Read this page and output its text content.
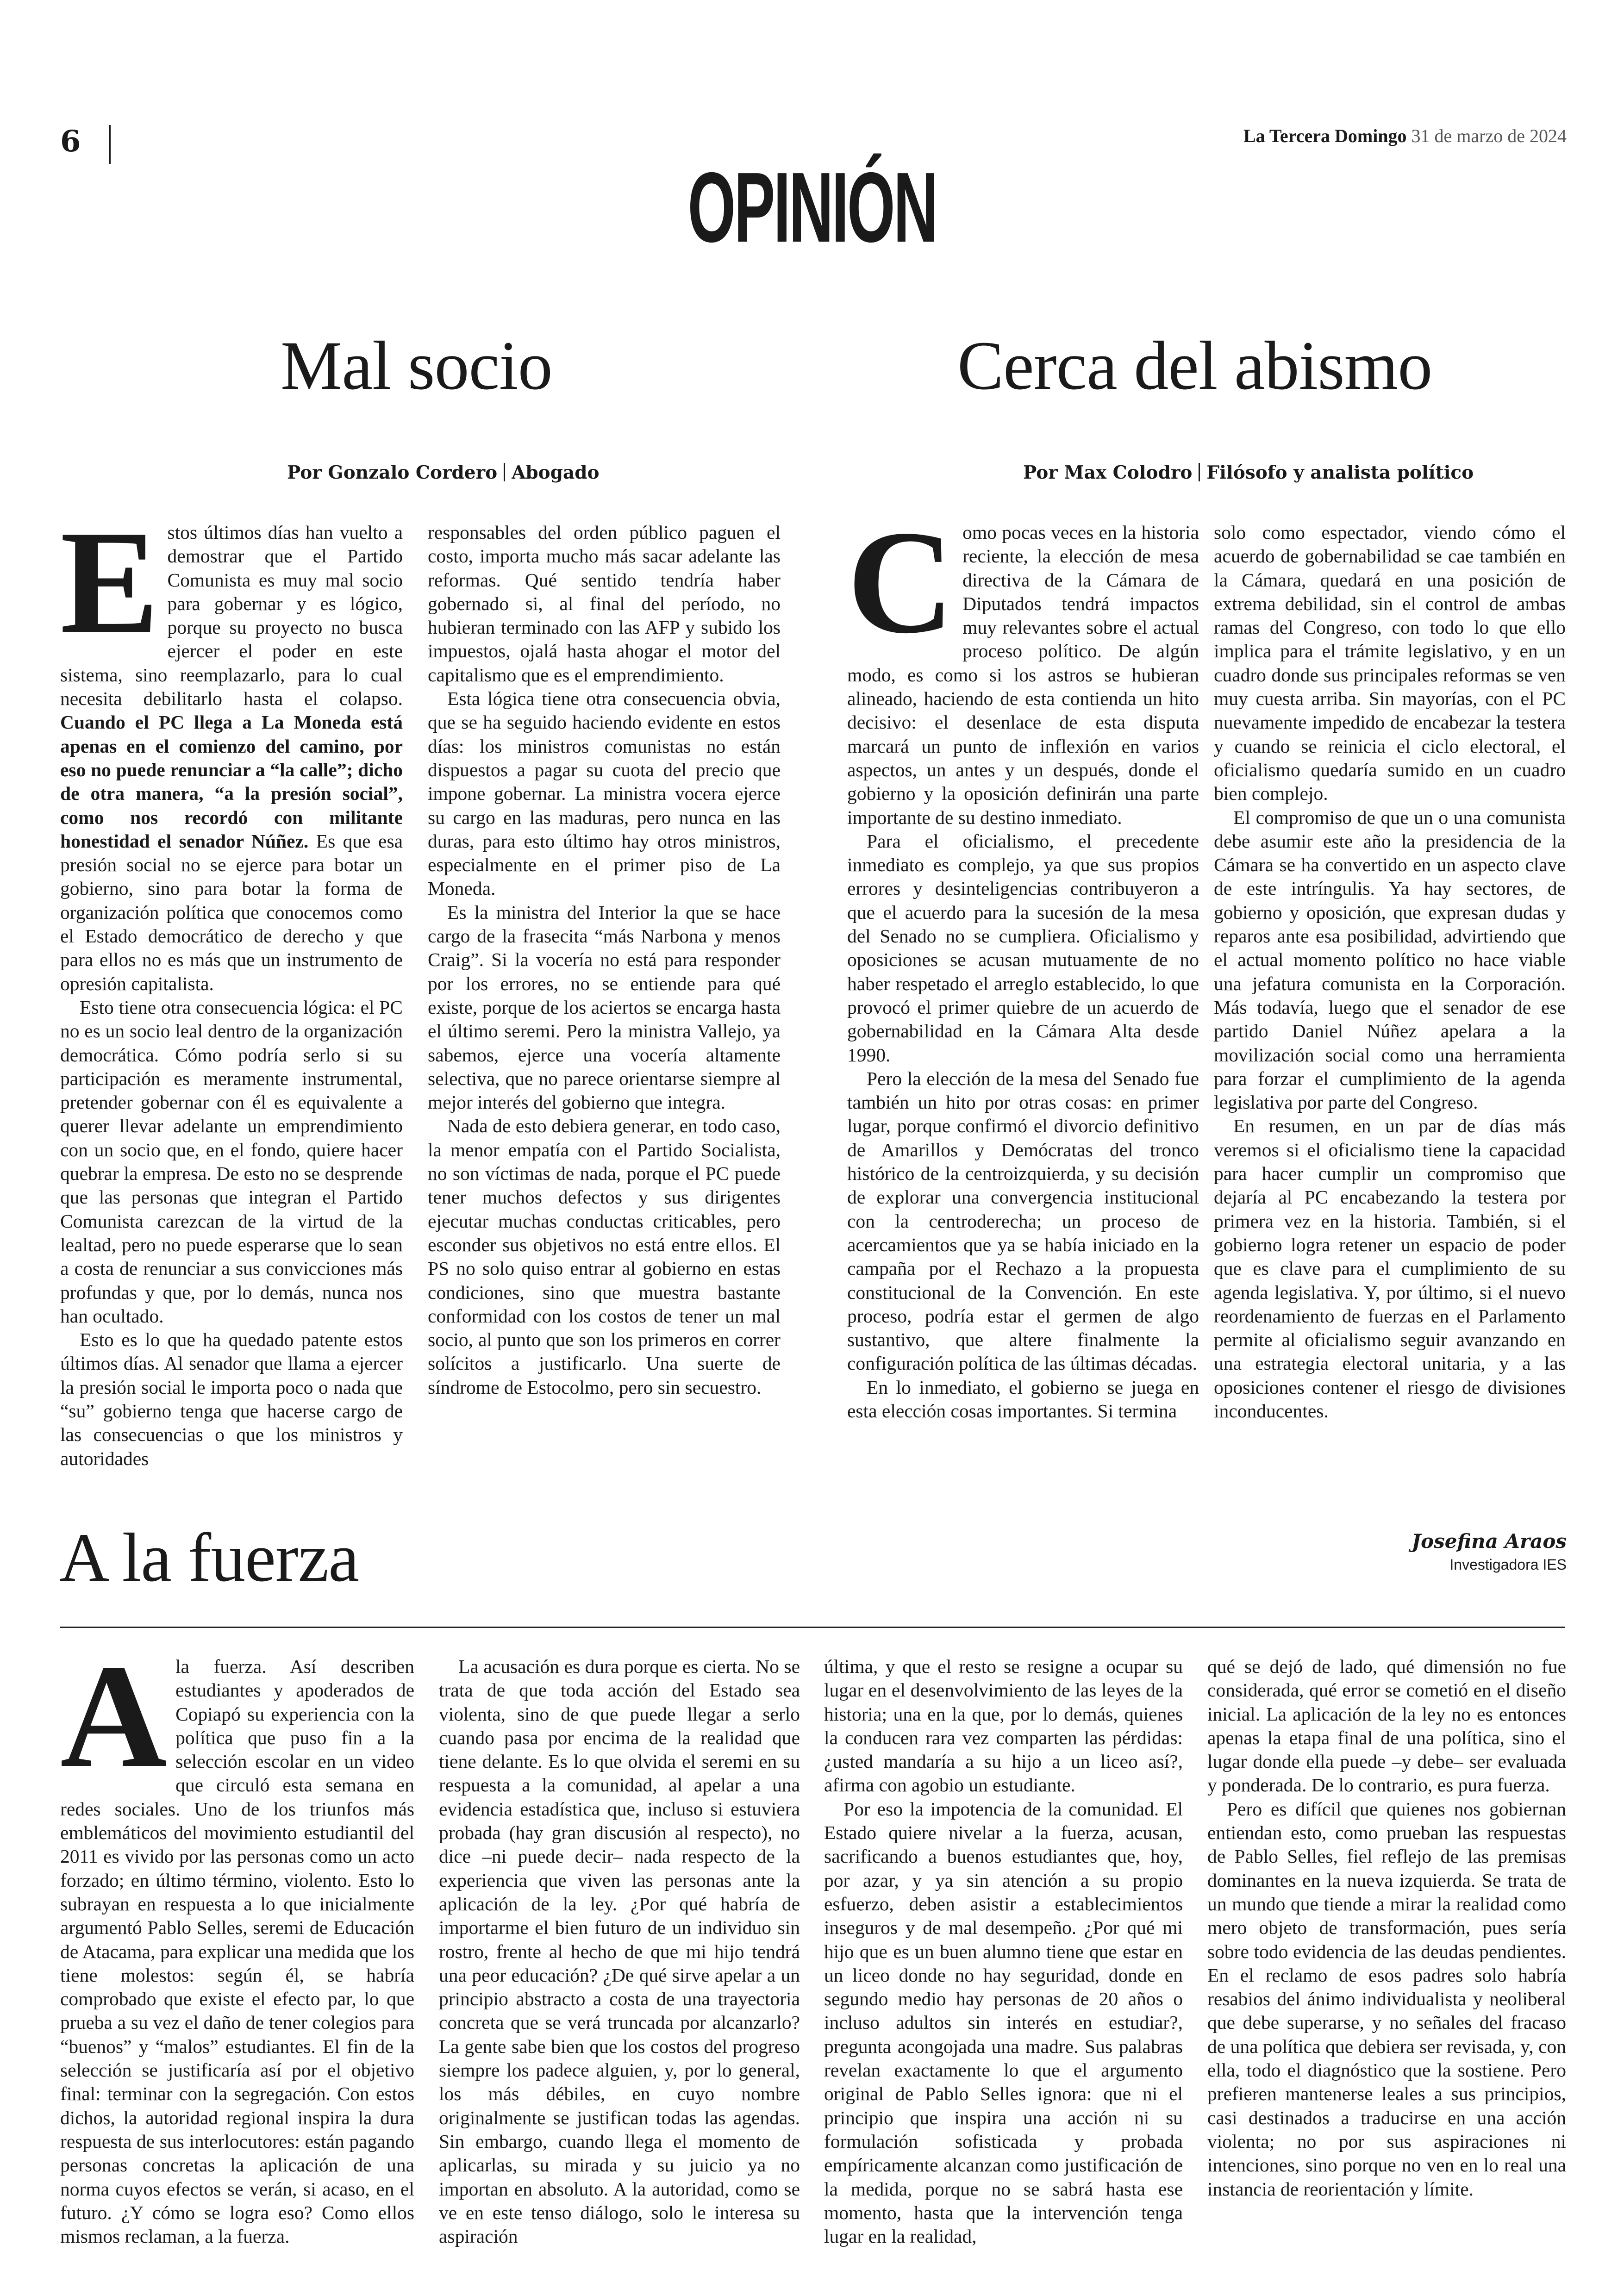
6	La Tercera Domingo 31 de marzo de 2024
OPINIÓN
Mal socio
Por Gonzalo Cordero Abogado

Estos últimos días han vuelto a demostrar que el Partido Comunista es muy mal socio para gobernar y es lógico, porque su proyecto no busca ejercer el poder en este sistema, sino reemplazarlo, para lo cual necesita debilitarlo hasta el colapso. Cuando el PC llega a La Moneda está apenas en el comienzo del camino, por eso no puede renunciar a “la calle”; dicho de otra manera, “a la presión social”, como nos recordó con militante honestidad el senador Núñez. Es que esa presión social no se ejerce para botar un gobierno, sino para botar la forma de organización política que conocemos como el Estado democrático de derecho y que para ellos no es más que un instrumento de opresión capitalista.

Esto tiene otra consecuencia lógica: el PC no es un socio leal dentro de la organización democrática. Cómo podría serlo si su participación es meramente instrumental, pretender gobernar con él es equivalente a querer llevar adelante un emprendimiento con un socio que, en el fondo, quiere hacer quebrar la empresa. De esto no se desprende que las personas que integran el Partido Comunista carezcan de la virtud de la lealtad, pero no puede esperarse que lo sean a costa de renunciar a sus convicciones más profundas y que, por lo demás, nunca nos han ocultado.

Esto es lo que ha quedado patente estos últimos días. Al senador que llama a ejercer la presión social le importa poco o nada que “su” gobierno tenga que hacerse cargo de las consecuencias o que los ministros y autoridades

responsables del orden público paguen el costo, importa mucho más sacar adelante las reformas. Qué sentido tendría haber gobernado si, al final del período, no hubieran terminado con las AFP y subido los impuestos, ojalá hasta ahogar el motor del capitalismo que es el emprendimiento.

Esta lógica tiene otra consecuencia obvia, que se ha seguido haciendo evidente en estos días: los ministros comunistas no están dispuestos a pagar su cuota del precio que impone gobernar. La ministra vocera ejerce su cargo en las maduras, pero nunca en las duras, para esto último hay otros ministros, especialmente en el primer piso de La Moneda.

Es la ministra del Interior la que se hace cargo de la frasecita “más Narbona y menos Craig”. Si la vocería no está para responder por los errores, no se entiende para qué existe, porque de los aciertos se encarga hasta el último seremi. Pero la ministra Vallejo, ya sabemos, ejerce una vocería altamente selectiva, que no parece orientarse siempre al mejor interés del gobierno que integra.

Nada de esto debiera generar, en todo caso, la menor empatía con el Partido Socialista, no son víctimas de nada, porque el PC puede tener muchos defectos y sus dirigentes ejecutar muchas conductas criticables, pero esconder sus objetivos no está entre ellos. El PS no solo quiso entrar al gobierno en estas condiciones, sino que muestra bastante conformidad con los costos de tener un mal socio, al punto que son los primeros en correr solícitos a justificarlo. Una suerte de síndrome de Estocolmo, pero sin secuestro.

Cerca del abismo
Por Max Colodro Filósofo y analista político

Como pocas veces en la historia reciente, la elección de mesa directiva de la Cámara de Diputados tendrá impactos muy relevantes sobre el actual proceso político. De algún modo, es como si los astros se hubieran alineado, haciendo de esta contienda un hito decisivo: el desenlace de esta disputa marcará un punto de inflexión en varios aspectos, un antes y un después, donde el gobierno y la oposición definirán una parte importante de su destino inmediato.

Para el oficialismo, el precedente inmediato es complejo, ya que sus propios errores y desinteligencias contribuyeron a que el acuerdo para la sucesión de la mesa del Senado no se cumpliera. Oficialismo y oposiciones se acusan mutuamente de no haber respetado el arreglo establecido, lo que provocó el primer quiebre de un acuerdo de gobernabilidad en la Cámara Alta desde 1990.

Pero la elección de la mesa del Senado fue también un hito por otras cosas: en primer lugar, porque confirmó el divorcio definitivo de Amarillos y Demócratas del tronco histórico de la centroizquierda, y su decisión de explorar una convergencia institucional con la centroderecha; un proceso de acercamientos que ya se había iniciado en la campaña por el Rechazo a la propuesta constitucional de la Convención. En este proceso, podría estar el germen de algo sustantivo, que altere finalmente la configuración política de las últimas décadas.

En lo inmediato, el gobierno se juega en esta elección cosas importantes. Si termina

solo como espectador, viendo cómo el acuerdo de gobernabilidad se cae también en la Cámara, quedará en una posición de extrema debilidad, sin el control de ambas ramas del Congreso, con todo lo que ello implica para el trámite legislativo, y en un cuadro donde sus principales reformas se ven muy cuesta arriba. Sin mayorías, con el PC nuevamente impedido de encabezar la testera y cuando se reinicia el ciclo electoral, el oficialismo quedaría sumido en un cuadro bien complejo.

El compromiso de que un o una comunista debe asumir este año la presidencia de la Cámara se ha convertido en un aspecto clave de este intríngulis. Ya hay sectores, de gobierno y oposición, que expresan dudas y reparos ante esa posibilidad, advirtiendo que el actual momento político no hace viable una jefatura comunista en la Corporación. Más todavía, luego que el senador de ese partido Daniel Núñez apelara a la movilización social como una herramienta para forzar el cumplimiento de la agenda legislativa por parte del Congreso.

En resumen, en un par de días más veremos si el oficialismo tiene la capacidad para hacer cumplir un compromiso que dejaría al PC encabezando la testera por primera vez en la historia. También, si el gobierno logra retener un espacio de poder que es clave para el cumplimiento de su agenda legislativa. Y, por último, si el nuevo reordenamiento de fuerzas en el Parlamento permite al oficialismo seguir avanzando en una estrategia electoral unitaria, y a las oposiciones contener el riesgo de divisiones inconducentes.

A la fuerza	Josefina Araos
Investigadora IES

Ala fuerza. Así describen estudiantes y apoderados de Copiapó su experiencia con la política que puso fin a la selección escolar en un video que circuló esta semana en redes sociales. Uno de los triunfos más emblemáticos del movimiento estudiantil del 2011 es vivido por las personas como un acto forzado; en último término, violento. Esto lo subrayan en respuesta a lo que inicialmente argumentó Pablo Selles, seremi de Educación de Atacama, para explicar una medida que los tiene molestos: según él, se habría comprobado que existe el efecto par, lo que prueba a su vez el daño de tener colegios para “buenos” y “malos” estudiantes. El fin de la selección se justificaría así por el objetivo final: terminar con la segregación. Con estos dichos, la autoridad regional inspira la dura respuesta de sus interlocutores: están pagando personas concretas la aplicación de una norma cuyos efectos se verán, si acaso, en el futuro. ¿Y cómo se logra eso? Como ellos mismos reclaman, a la fuerza.

La acusación es dura porque es cierta. No se trata de que toda acción del Estado sea violenta, sino de que puede llegar a serlo cuando pasa por encima de la realidad que tiene delante. Es lo que olvida el seremi en su respuesta a la comunidad, al apelar a una evidencia estadística que, incluso si estuviera probada (hay gran discusión al respecto), no dice –ni puede decir– nada respecto de la experiencia que viven las personas ante la aplicación de la ley. ¿Por qué habría de importarme el bien futuro de un individuo sin rostro, frente al hecho de que mi hijo tendrá una peor educación? ¿De qué sirve apelar a un principio abstracto a costa de una trayectoria concreta que se verá truncada por alcanzarlo? La gente sabe bien que los costos del progreso siempre los padece alguien, y, por lo general, los más débiles, en cuyo nombre originalmente se justifican todas las agendas. Sin embargo, cuando llega el momento de aplicarlas, su mirada y su juicio ya no importan en absoluto. A la autoridad, como se ve en este tenso diálogo, solo le interesa su aspiración

última, y que el resto se resigne a ocupar su lugar en el desenvolvimiento de las leyes de la historia; una en la que, por lo demás, quienes la conducen rara vez comparten las pérdidas: ¿usted mandaría a su hijo a un liceo así?, afirma con agobio un estudiante.

Por eso la impotencia de la comunidad. El Estado quiere nivelar a la fuerza, acusan, sacrificando a buenos estudiantes que, hoy, por azar, y ya sin atención a su propio esfuerzo, deben asistir a establecimientos inseguros y de mal desempeño. ¿Por qué mi hijo que es un buen alumno tiene que estar en un liceo donde no hay seguridad, donde en segundo medio hay personas de 20 años o incluso adultos sin interés en estudiar?, pregunta acongojada una madre. Sus palabras revelan exactamente lo que el argumento original de Pablo Selles ignora: que ni el principio que inspira una acción ni su formulación sofisticada y probada empíricamente alcanzan como justificación de la medida, porque no se sabrá hasta ese momento, hasta que la intervención tenga lugar en la realidad,

qué se dejó de lado, qué dimensión no fue considerada, qué error se cometió en el diseño inicial. La aplicación de la ley no es entonces apenas la etapa final de una política, sino el lugar donde ella puede –y debe– ser evaluada y ponderada. De lo contrario, es pura fuerza.

Pero es difícil que quienes nos gobiernan entiendan esto, como prueban las respuestas de Pablo Selles, fiel reflejo de las premisas dominantes en la nueva izquierda. Se trata de un mundo que tiende a mirar la realidad como mero objeto de transformación, pues sería sobre todo evidencia de las deudas pendientes. En el reclamo de esos padres solo habría resabios del ánimo individualista y neoliberal que debe superarse, y no señales del fracaso de una política que debiera ser revisada, y, con ella, todo el diagnóstico que la sostiene. Pero prefieren mantenerse leales a sus principios, casi destinados a traducirse en una acción violenta; no por sus aspiraciones ni intenciones, sino porque no ven en lo real una instancia de reorientación y límite.
